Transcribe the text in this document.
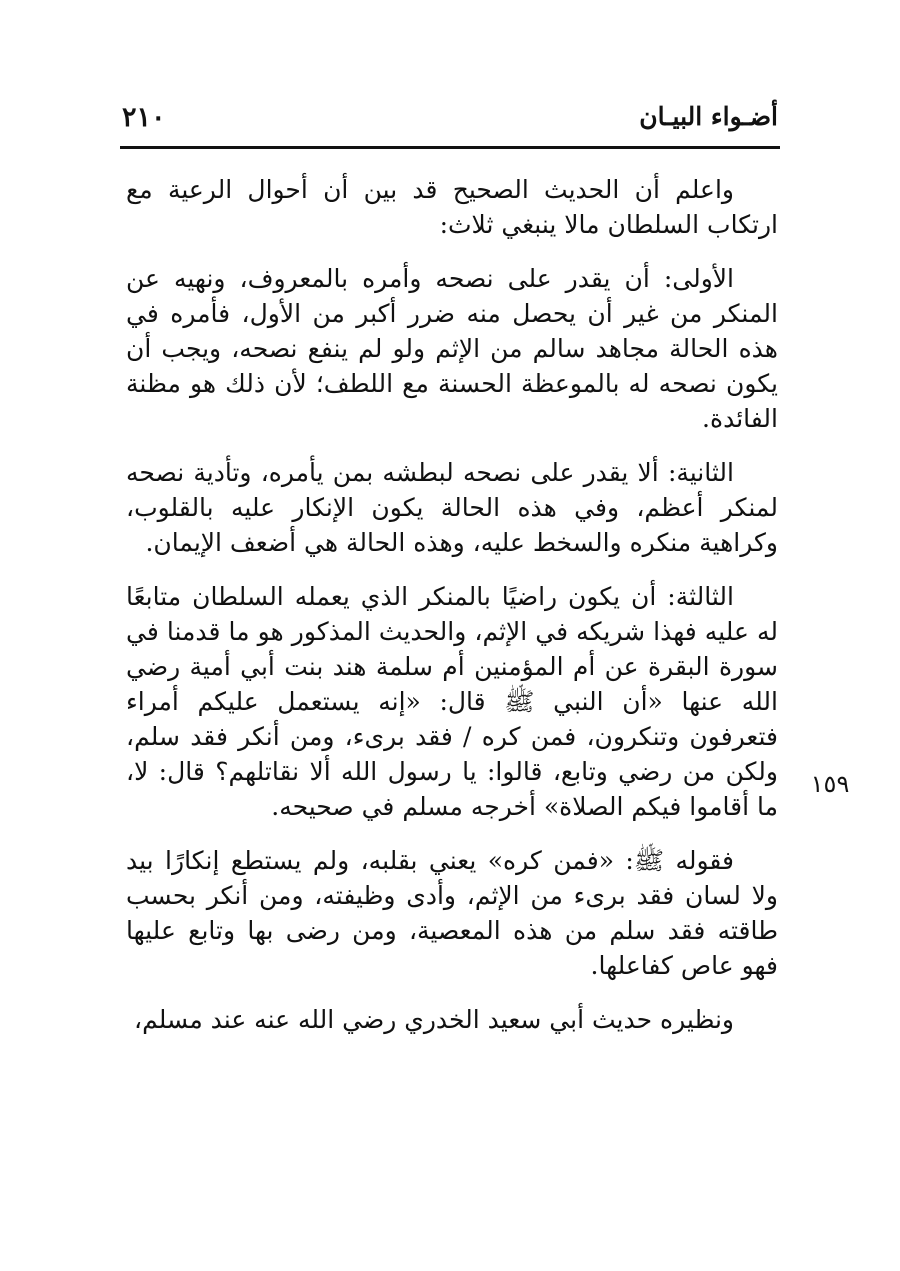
٢١٠	أضـواء البيـان

واعلم أن الحديث الصحيح قد بين أن أحوال الرعية مع ارتكاب السلطان مالا ينبغي ثلاث:

الأولى: أن يقدر على نصحه وأمره بالمعروف، ونهيه عن المنكر من غير أن يحصل منه ضرر أكبر من الأول، فأمره في هذه الحالة مجاهد سالم من الإثم ولو لم ينفع نصحه، ويجب أن يكون نصحه له بالموعظة الحسنة مع اللطف؛ لأن ذلك هو مظنة الفائدة.

الثانية: ألا يقدر على نصحه لبطشه بمن يأمره، وتأدية نصحه لمنكر أعظم، وفي هذه الحالة يكون الإنكار عليه بالقلوب، وكراهية منكره والسخط عليه، وهذه الحالة هي أضعف الإيمان.

الثالثة: أن يكون راضيًا بالمنكر الذي يعمله السلطان متابعًا له عليه فهذا شريكه في الإثم، والحديث المذكور هو ما قدمنا في سورة البقرة عن أم المؤمنين أم سلمة هند بنت أبي أمية رضي الله عنها «أن النبي ﷺ قال: «إنه يستعمل عليكم أمراء فتعرفون وتنكرون، فمن كره / فقد برىء، ومن أنكر فقد سلم، ولكن من رضي وتابع، قالوا: يا رسول الله ألا نقاتلهم؟ قال: لا، ما أقاموا فيكم الصلاة» أخرجه مسلم في صحيحه.

فقوله ﷺ: «فمن كره» يعني بقلبه، ولم يستطع إنكارًا بيد ولا لسان فقد برىء من الإثم، وأدى وظيفته، ومن أنكر بحسب طاقته فقد سلم من هذه المعصية، ومن رضى بها وتابع عليها فهو عاص كفاعلها.

ونظيره حديث أبي سعيد الخدري رضي الله عنه عند مسلم،

١٥٩
